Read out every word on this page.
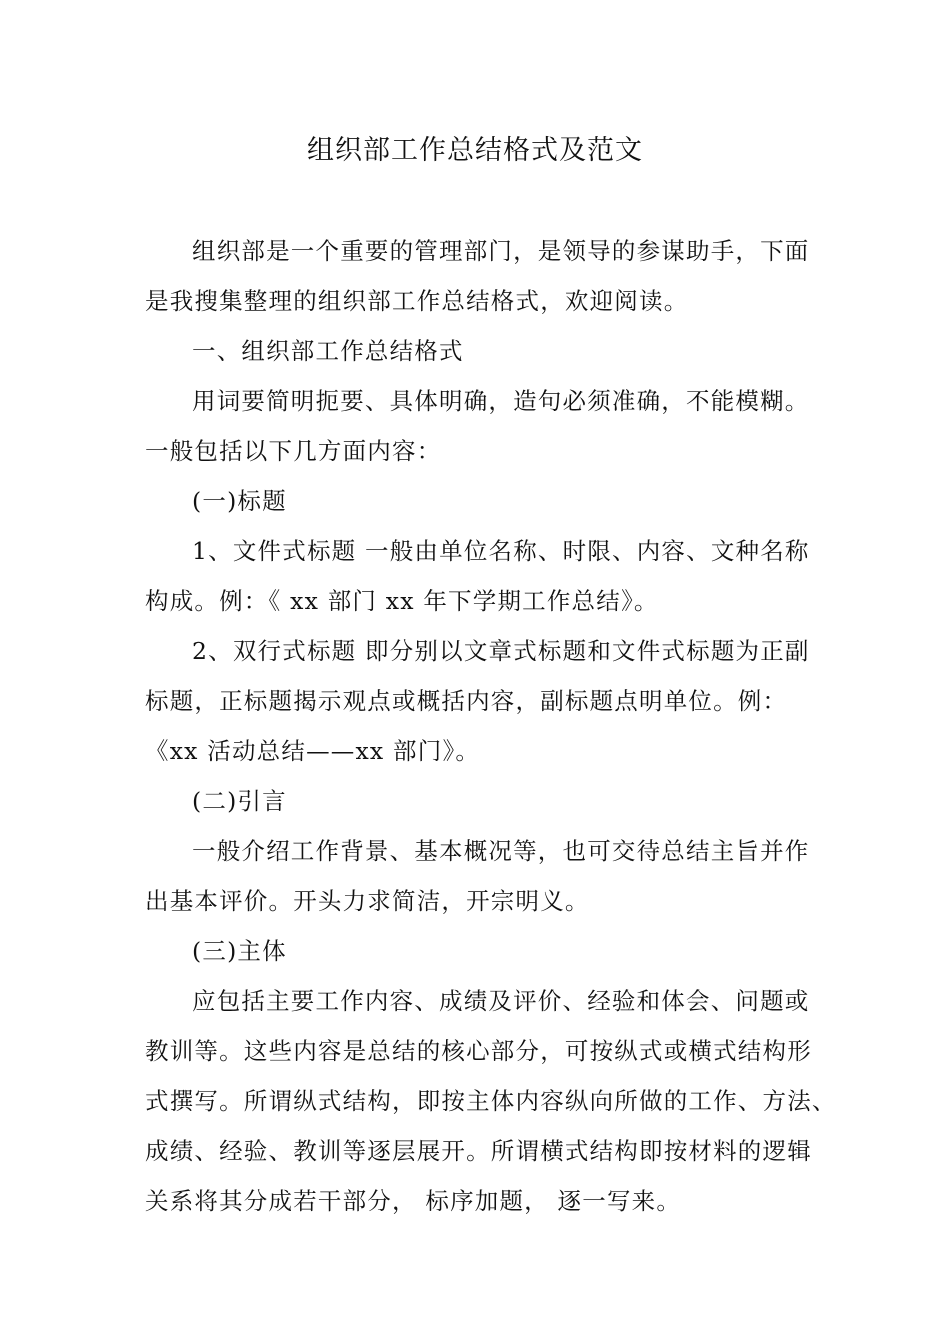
组织部工作总结格式及范文
组织部是一个重要的管理部门，是领导的参谋助手，下面
是我搜集整理的组织部工作总结格式，欢迎阅读。
一、组织部工作总结格式
用词要简明扼要、具体明确，造句必须准确，不能模糊。
一般包括以下几方面内容：
(一)标题
1、文件式标题 一般由单位名称、时限、内容、文种名称
构成。例：《 xx 部门 xx 年下学期工作总结》。
2、双行式标题 即分别以文章式标题和文件式标题为正副
标题，正标题揭示观点或概括内容，副标题点明单位。例：
《xx 活动总结——xx 部门》。
(二)引言
一般介绍工作背景、基本概况等，也可交待总结主旨并作
出基本评价。开头力求简洁，开宗明义。
(三)主体
应包括主要工作内容、成绩及评价、经验和体会、问题或
教训等。这些内容是总结的核心部分，可按纵式或横式结构形
式撰写。所谓纵式结构，即按主体内容纵向所做的工作、方法、
成绩、经验、教训等逐层展开。所谓横式结构即按材料的逻辑
关系将其分成若干部分， 标序加题， 逐一写来。
